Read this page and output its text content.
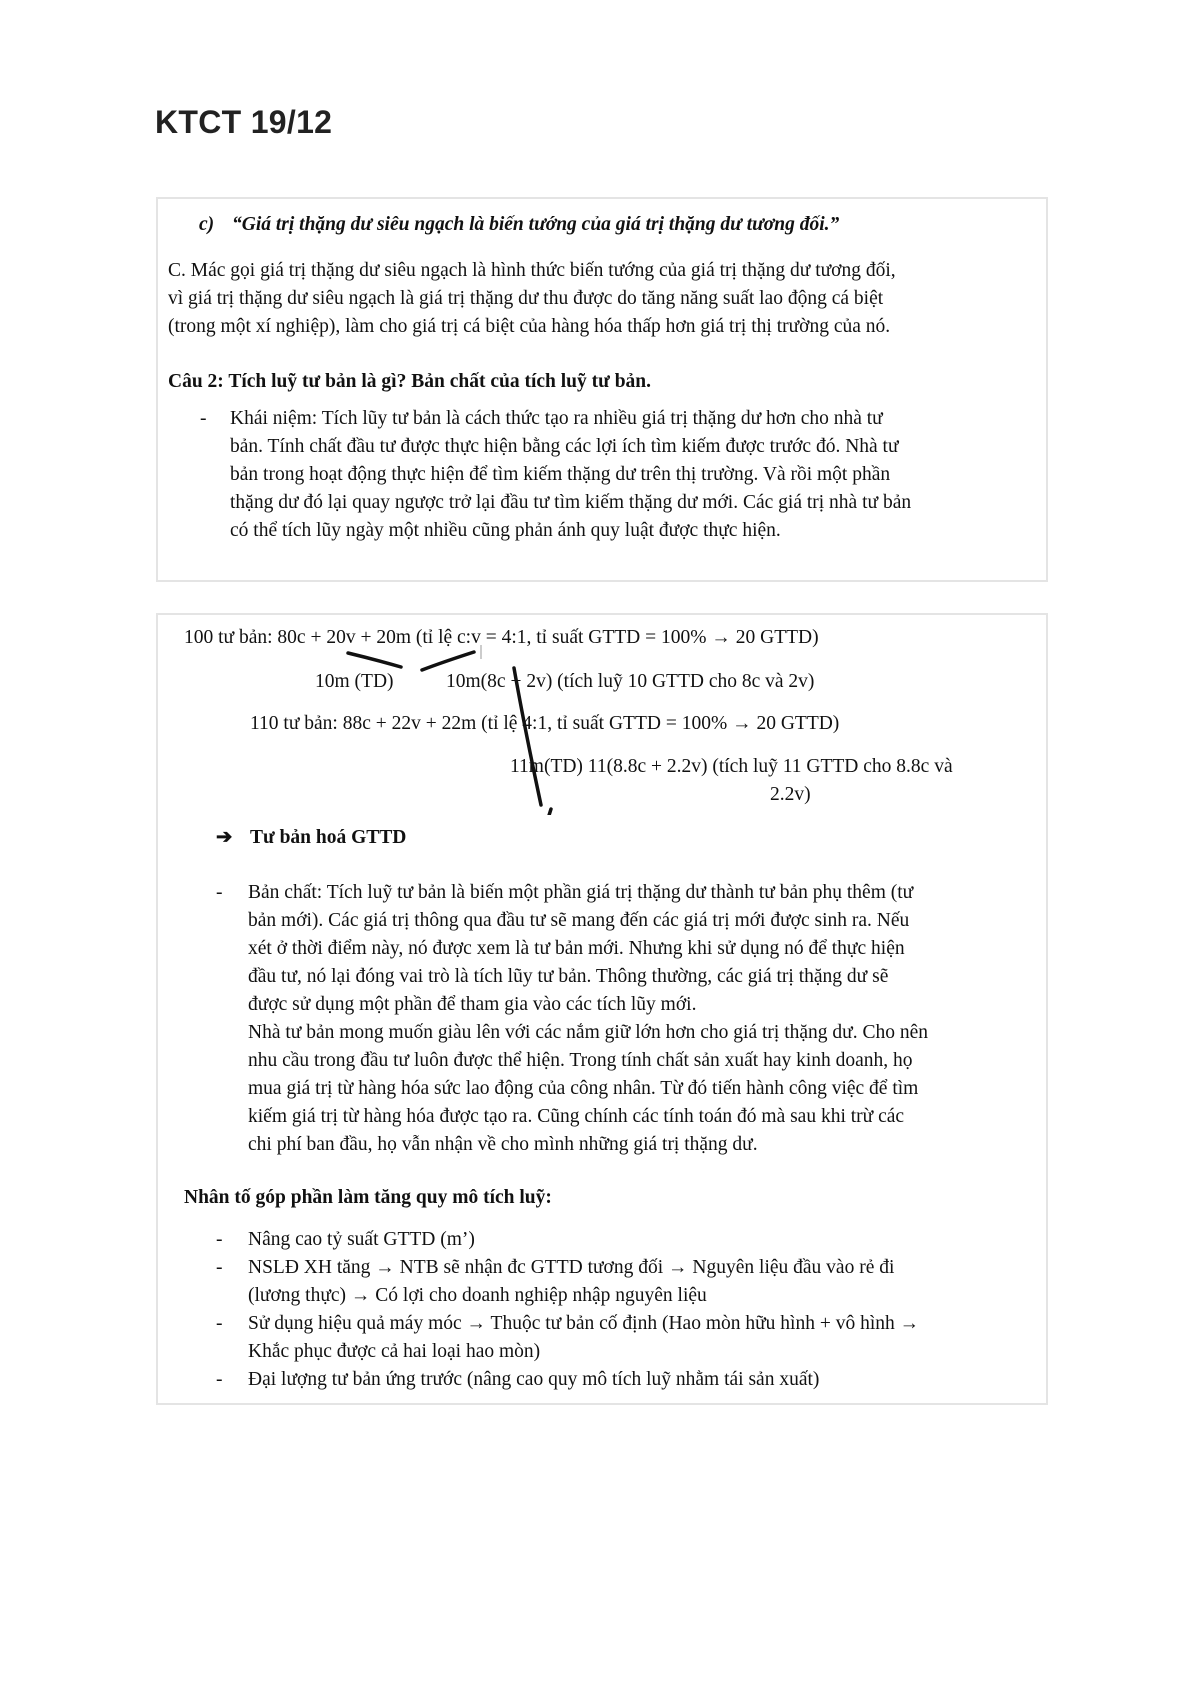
KTCT 19/12
c) “Giá trị thặng dư siêu ngạch là biến tướng của giá trị thặng dư tương đối.”
C. Mác gọi giá trị thặng dư siêu ngạch là hình thức biến tướng của giá trị thặng dư tương đối,
vì giá trị thặng dư siêu ngạch là giá trị thặng dư thu được do tăng năng suất lao động cá biệt
(trong một xí nghiệp), làm cho giá trị cá biệt của hàng hóa thấp hơn giá trị thị trường của nó.
Câu 2: Tích luỹ tư bản là gì? Bản chất của tích luỹ tư bản.
- Khái niệm: Tích lũy tư bản là cách thức tạo ra nhiều giá trị thặng dư hơn cho nhà tư
bản. Tính chất đầu tư được thực hiện bằng các lợi ích tìm kiếm được trước đó. Nhà tư
bản trong hoạt động thực hiện để tìm kiếm thặng dư trên thị trường. Và rồi một phần
thặng dư đó lại quay ngược trở lại đầu tư tìm kiếm thặng dư mới. Các giá trị nhà tư bản
có thể tích lũy ngày một nhiều cũng phản ánh quy luật được thực hiện.
100 tư bản: 80c + 20v + 20m (tỉ lệ c:v = 4:1, tỉ suất GTTD = 100% → 20 GTTD)
10m (TD)	10m(8c + 2v) (tích luỹ 10 GTTD cho 8c và 2v)
110 tư bản: 88c + 22v + 22m (tỉ lệ 4:1, tỉ suất GTTD = 100% → 20 GTTD)
11m(TD) 11(8.8c + 2.2v) (tích luỹ 11 GTTD cho 8.8c và
2.2v)
➔ Tư bản hoá GTTD
- Bản chất: Tích luỹ tư bản là biến một phần giá trị thặng dư thành tư bản phụ thêm (tư
bản mới). Các giá trị thông qua đầu tư sẽ mang đến các giá trị mới được sinh ra. Nếu
xét ở thời điểm này, nó được xem là tư bản mới. Nhưng khi sử dụng nó để thực hiện
đầu tư, nó lại đóng vai trò là tích lũy tư bản. Thông thường, các giá trị thặng dư sẽ
được sử dụng một phần để tham gia vào các tích lũy mới.
Nhà tư bản mong muốn giàu lên với các nắm giữ lớn hơn cho giá trị thặng dư. Cho nên
nhu cầu trong đầu tư luôn được thể hiện. Trong tính chất sản xuất hay kinh doanh, họ
mua giá trị từ hàng hóa sức lao động của công nhân. Từ đó tiến hành công việc để tìm
kiếm giá trị từ hàng hóa được tạo ra. Cũng chính các tính toán đó mà sau khi trừ các
chi phí ban đầu, họ vẫn nhận về cho mình những giá trị thặng dư.
Nhân tố góp phần làm tăng quy mô tích luỹ:
- Nâng cao tỷ suất GTTD (m’)
- NSLĐ XH tăng → NTB sẽ nhận đc GTTD tương đối → Nguyên liệu đầu vào rẻ đi
(lương thực) → Có lợi cho doanh nghiệp nhập nguyên liệu
- Sử dụng hiệu quả máy móc → Thuộc tư bản cố định (Hao mòn hữu hình + vô hình →
Khắc phục được cả hai loại hao mòn)
- Đại lượng tư bản ứng trước (nâng cao quy mô tích luỹ nhằm tái sản xuất)
